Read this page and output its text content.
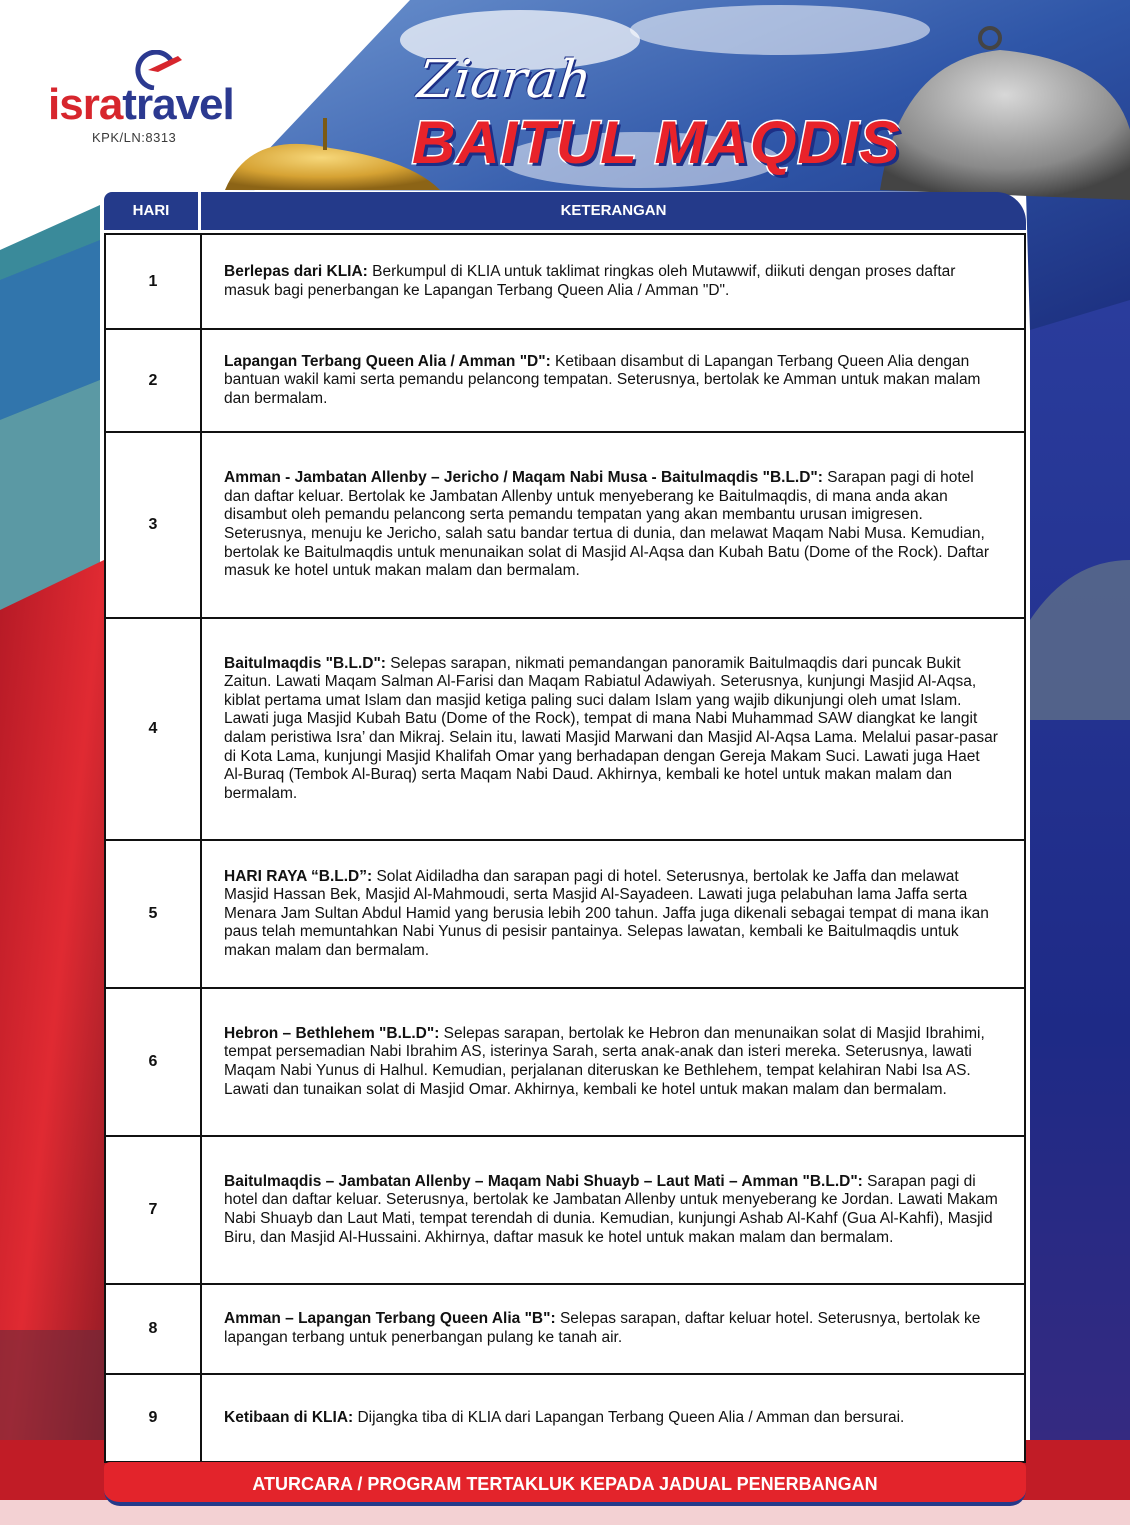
isratravel
KPK/LN:8313
Ziarah
BAITUL MAQDIS
HARI	KETERANGAN
1	Berlepas dari KLIA: Berkumpul di KLIA untuk taklimat ringkas oleh Mutawwif, diikuti dengan proses daftar masuk bagi penerbangan ke Lapangan Terbang Queen Alia / Amman "D".
2	Lapangan Terbang Queen Alia / Amman "D": Ketibaan disambut di Lapangan Terbang Queen Alia dengan bantuan wakil kami serta pemandu pelancong tempatan. Seterusnya, bertolak ke Amman untuk makan malam dan bermalam.
3	Amman - Jambatan Allenby – Jericho / Maqam Nabi Musa - Baitulmaqdis "B.L.D": Sarapan pagi di hotel dan daftar keluar. Bertolak ke Jambatan Allenby untuk menyeberang ke Baitulmaqdis, di mana anda akan disambut oleh pemandu pelancong serta pemandu tempatan yang akan membantu urusan imigresen. Seterusnya, menuju ke Jericho, salah satu bandar tertua di dunia, dan melawat Maqam Nabi Musa. Kemudian, bertolak ke Baitulmaqdis untuk menunaikan solat di Masjid Al-Aqsa dan Kubah Batu (Dome of the Rock). Daftar masuk ke hotel untuk makan malam dan bermalam.
4	Baitulmaqdis "B.L.D": Selepas sarapan, nikmati pemandangan panoramik Baitulmaqdis dari puncak Bukit Zaitun. Lawati Maqam Salman Al-Farisi dan Maqam Rabiatul Adawiyah. Seterusnya, kunjungi Masjid Al-Aqsa, kiblat pertama umat Islam dan masjid ketiga paling suci dalam Islam yang wajib dikunjungi oleh umat Islam. Lawati juga Masjid Kubah Batu (Dome of the Rock), tempat di mana Nabi Muhammad SAW diangkat ke langit dalam peristiwa Isra’ dan Mikraj. Selain itu, lawati Masjid Marwani dan Masjid Al-Aqsa Lama. Melalui pasar-pasar di Kota Lama, kunjungi Masjid Khalifah Omar yang berhadapan dengan Gereja Makam Suci. Lawati juga Haet Al-Buraq (Tembok Al-Buraq) serta Maqam Nabi Daud. Akhirnya, kembali ke hotel untuk makan malam dan bermalam.
5	HARI RAYA “B.L.D”: Solat Aidiladha dan sarapan pagi di hotel. Seterusnya, bertolak ke Jaffa dan melawat Masjid Hassan Bek, Masjid Al-Mahmoudi, serta Masjid Al-Sayadeen. Lawati juga pelabuhan lama Jaffa serta Menara Jam Sultan Abdul Hamid yang berusia lebih 200 tahun. Jaffa juga dikenali sebagai tempat di mana ikan paus telah memuntahkan Nabi Yunus di pesisir pantainya. Selepas lawatan, kembali ke Baitulmaqdis untuk makan malam dan bermalam.
6	Hebron – Bethlehem "B.L.D": Selepas sarapan, bertolak ke Hebron dan menunaikan solat di Masjid Ibrahimi, tempat persemadian Nabi Ibrahim AS, isterinya Sarah, serta anak-anak dan isteri mereka. Seterusnya, lawati Maqam Nabi Yunus di Halhul. Kemudian, perjalanan diteruskan ke Bethlehem, tempat kelahiran Nabi Isa AS. Lawati dan tunaikan solat di Masjid Omar. Akhirnya, kembali ke hotel untuk makan malam dan bermalam.
7	Baitulmaqdis – Jambatan Allenby – Maqam Nabi Shuayb – Laut Mati – Amman "B.L.D": Sarapan pagi di hotel dan daftar keluar. Seterusnya, bertolak ke Jambatan Allenby untuk menyeberang ke Jordan. Lawati Makam Nabi Shuayb dan Laut Mati, tempat terendah di dunia. Kemudian, kunjungi Ashab Al-Kahf (Gua Al-Kahfi), Masjid Biru, dan Masjid Al-Hussaini. Akhirnya, daftar masuk ke hotel untuk makan malam dan bermalam.
8	Amman – Lapangan Terbang Queen Alia "B": Selepas sarapan, daftar keluar hotel. Seterusnya, bertolak ke lapangan terbang untuk penerbangan pulang ke tanah air.
9	Ketibaan di KLIA: Dijangka tiba di KLIA dari Lapangan Terbang Queen Alia / Amman dan bersurai.
ATURCARA / PROGRAM TERTAKLUK KEPADA JADUAL PENERBANGAN
